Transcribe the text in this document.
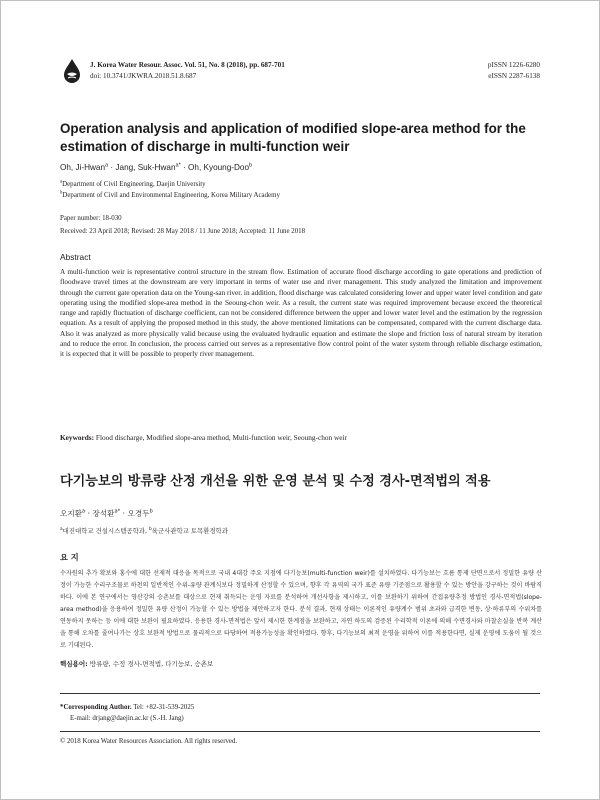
J. Korea Water Resour. Assoc. Vol. 51, No. 8 (2018), pp. 687-701
doi: 10.3741/JKWRA.2018.51.8.687
pISSN 1226-6280
eISSN 2287-6138
Operation analysis and application of modified slope-area method for the estimation of discharge in multi-function weir
Oh, Ji-Hwan$^a$ · Jang, Suk-Hwan$^{a*}$ · Oh, Kyoung-Doo$^b$
$^a$Department of Civil Engineering, Daejin University
$^b$Department of Civil and Environmental Engineering, Korea Military Academy
Paper number: 18-030
Received: 23 April 2018; Revised: 28 May 2018 / 11 June 2018; Accepted: 11 June 2018
Abstract
A multi-function weir is representative control structure in the stream flow. Estimation of accurate flood discharge according to gate operations and prediction of floodwave travel times at the downstream are very important in terms of water use and river management. This study analyzed the limitation and improvement through the current gate operation data on the Young-san river. in addition, flood discharge was calculated considering lower and upper water level condition and gate operating using the modified slope-area method in the Seoung-chon weir. As a result, the current state was required improvement because exceed the theoretical range and rapidly fluctuation of discharge coefficient, can not be considered difference between the upper and lower water level and the estimation by the regression equation. As a result of applying the proposed method in this study, the above mentioned limitations can be compensated, compared with the current discharge data. Also it was analyzed as more physically valid because using the evaluated hydraulic equation and estimate the slope and friction loss of natural stream by iteration and to reduce the error. In conclusion, the process carried out serves as a representative flow control point of the water system through reliable discharge estimation, it is expected that it will be possible to properly river management.
Keywords: Flood discharge, Modified slope-area method, Multi-function weir, Seoung-chon weir
다기능보의 방류량 산정 개선을 위한 운영 분석 및 수정 경사-면적법의 적용
오지환$^a$ · 장석환$^{a*}$ · 오경두$^b$
$^a$대진대학교 건설시스템공학과, $^b$육군사관학교 토목환경학과
요 지
수자원의 추가 확보와 홍수에 대한 선제적 대응을 목적으로 국내 4대강 주요 지점에 다기능보(multi-function weir)를 설치하였다. 다기능보는 흐름 통제 단면으로서 정밀한 유량 산정이 가능한 수리구조물로 하천의 일반적인 수위-유량 관계식보다 정밀하게 산정할 수 있으며, 향후 각 유역의 국가 표준 유량 기준점으로 활용할 수 있는 방안을 강구하는 것이 바람직하다. 이에 본 연구에서는 영산강의 승촌보를 대상으로 현재 취득되는 운영 자료를 분석하여 개선사항을 제시하고, 이를 보완하기 위하여 간접유량추정 방법인 경사-면적법(slope-area method)을 응용하여 정밀한 유량 산정이 가능할 수 있는 방법을 제안하고자 한다. 분석 결과, 현재 상태는 이론적인 유량계수 범위 초과와 급격한 변동, 상·하류부의 수위차를 연동하지 못하는 등 이에 대한 보완이 필요하였다. 응용한 경사-면적법은 앞서 제시한 한계점을 보완하고, 자연 하도의 검증된 수리학적 이론에 의해 수면경사와 마찰손실을 반복 계산을 통해 오차를 줄여나가는 상호 보완적 방법으로 물리적으로 타당하여 적용가능성을 확인하였다. 향후, 다기능보의 최적 운영을 위하여 이를 적용한다면, 실제 운영에 도움이 될 것으로 기대된다.
핵심용어: 방류량, 수정 경사-면적법, 다기능보, 승촌보
*Corresponding Author. Tel: +82-31-539-2025
E-mail: drjang@daejin.ac.kr (S.-H. Jang)
© 2018 Korea Water Resources Association. All rights reserved.
